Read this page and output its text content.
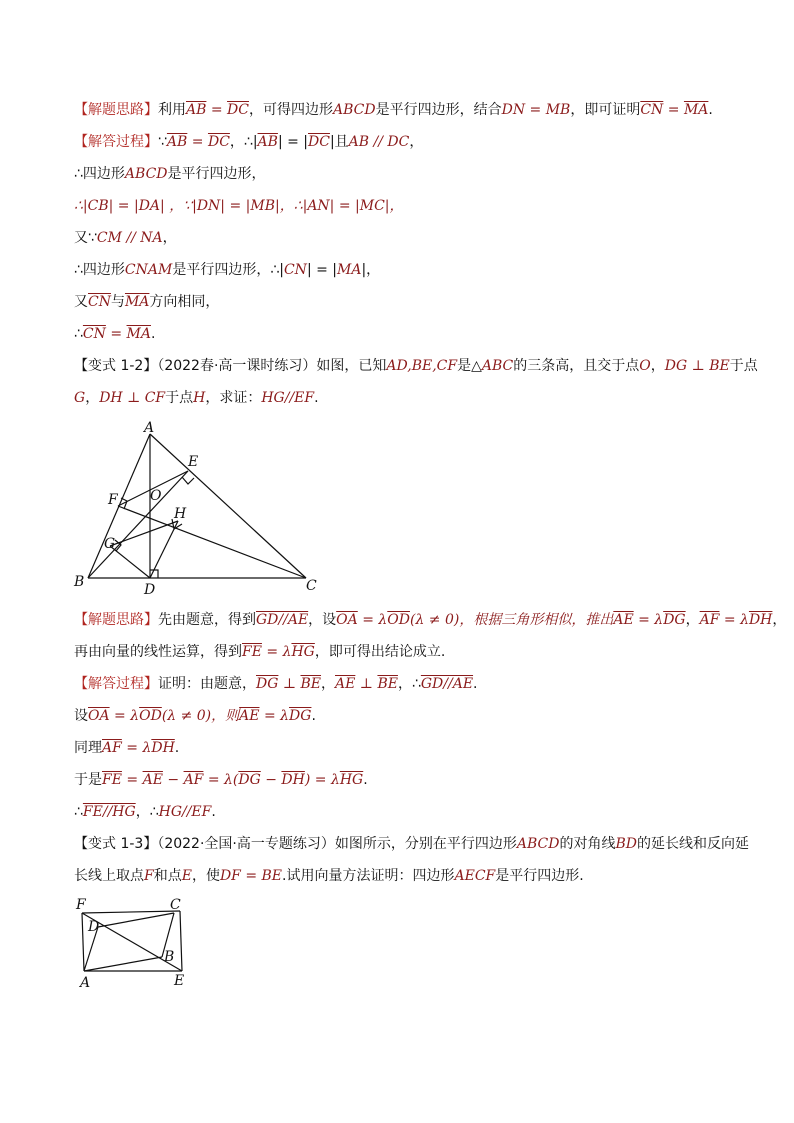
【解题思路】利用$\overline{AB} = \overline{DC}$，可得四边形ABCD是平行四边形，结合DN = MB，即可证明$\overline{CN} = \overline{MA}$.
【解答过程】$\because\overline{AB} = \overline{DC}$，$\therefore|\overline{AB}| = |\overline{DC}|$且AB // DC，
∴四边形ABCD是平行四边形，
∴|CB| = |DA| ，∵|DN| = |MB|，∴|AN| = |MC|，
又∵CM // NA，
∴四边形CNAM是平行四边形，∴|CN| = |MA|，
又$\overline{CN}$与$\overline{MA}$方向相同，
$\therefore\overline{CN} = \overline{MA}$.
【变式 1-2】（2022春·高一课时练习）如图，已知AD,BE,CF是△ABC的三条高，且交于点O，DG ⊥ BE于点
G，DH ⊥ CF于点H，求证：HG//EF.
A
B	C
D
E
F
G
H
O
【解题思路】先由题意，得到GD//AE，设$\overline{OA} = \lambda\overline{OD}(\lambda \ne 0)$，根据三角形相似，推出$\overline{AE} = \lambda\overline{DG}$，$\overline{AF} = \lambda\overline{DH}$，
再由向量的线性运算，得到$\overline{FE} = \lambda\overline{HG}$，即可得出结论成立.
【解答过程】证明：由题意，$\overline{DG}$ ⊥ $\overline{BE}$，$\overline{AE}$ ⊥ $\overline{BE}$，∴GD//AE.
设$\overline{OA} = \lambda\overline{OD}(\lambda \ne 0)$，则$\overline{AE} = \lambda\overline{DG}$.
同理$\overline{AF} = \lambda\overline{DH}$.
于是$\overline{FE} = \overline{AE} - \overline{AF} = \lambda(\overline{DG} - \overline{DH}) = \lambda\overline{HG}$.
∴FE//HG，∴HG//EF.
【变式 1-3】（2022·全国·高一专题练习）如图所示，分别在平行四边形ABCD的对角线BD的延长线和反向延
长线上取点F和点E，使DF = BE.试用向量方法证明：四边形AECF是平行四边形.
F	C
D
B
A	E
